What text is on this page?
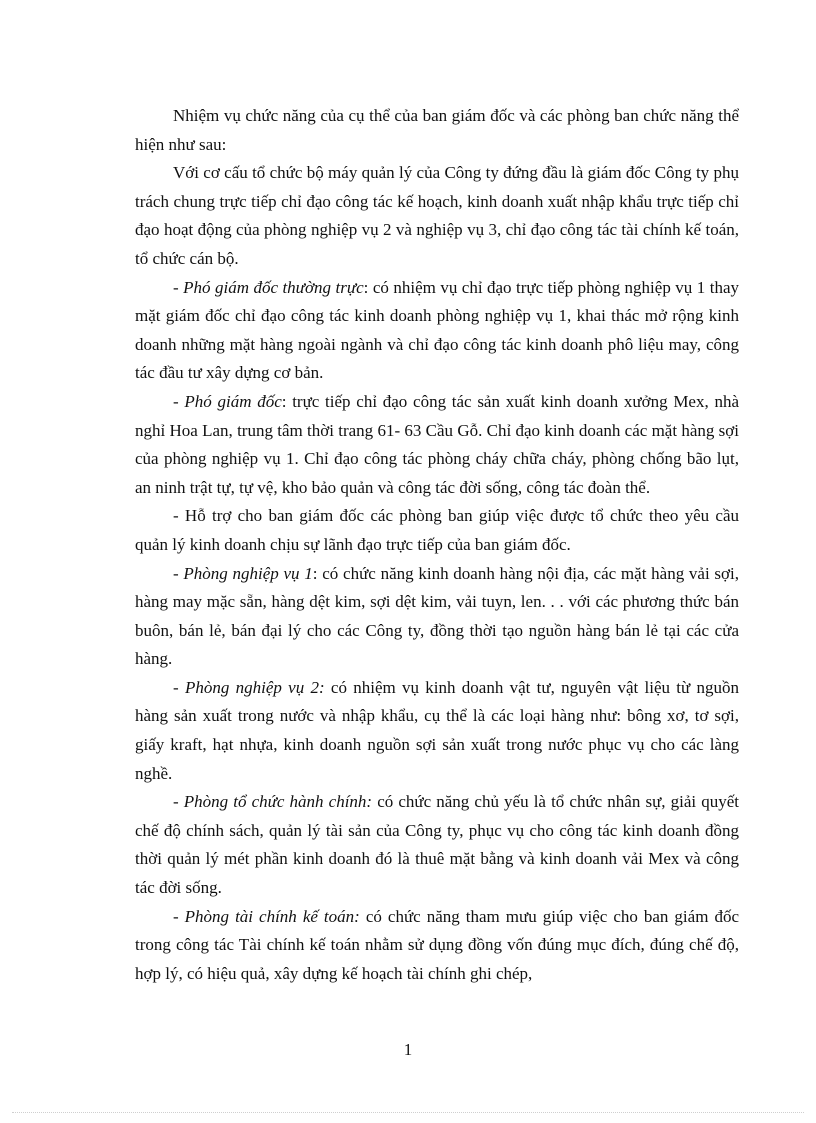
Nhiệm vụ chức năng của cụ thể của ban giám đốc và các phòng ban chức năng thể hiện như sau:

Với cơ cấu tổ chức bộ máy quản lý của Công ty đứng đầu là giám đốc Công ty phụ trách chung trực tiếp chỉ đạo công tác kế hoạch, kinh doanh xuất nhập khẩu trực tiếp chỉ đạo hoạt động của phòng nghiệp vụ 2 và nghiệp vụ 3, chỉ đạo công tác tài chính kế toán, tổ chức cán bộ.

- Phó giám đốc thường trực: có nhiệm vụ chỉ đạo trực tiếp phòng nghiệp vụ 1 thay mặt giám đốc chỉ đạo công tác kinh doanh phòng nghiệp vụ 1, khai thác mở rộng kinh doanh những mặt hàng ngoài ngành và chỉ đạo công tác kinh doanh phô liệu may, công tác đầu tư xây dựng cơ bản.

- Phó giám đốc: trực tiếp chỉ đạo công tác sản xuất kinh doanh xưởng Mex, nhà nghỉ Hoa Lan, trung tâm thời trang 61- 63 Cầu Gỗ. Chỉ đạo kinh doanh các mặt hàng sợi của phòng nghiệp vụ 1. Chỉ đạo công tác phòng cháy chữa cháy, phòng chống bão lụt, an ninh trật tự, tự vệ, kho bảo quản và công tác đời sống, công tác đoàn thể.

- Hỗ trợ cho ban giám đốc các phòng ban giúp việc được tổ chức theo yêu cầu quản lý kinh doanh chịu sự lãnh đạo trực tiếp của ban giám đốc.

- Phòng nghiệp vụ 1: có chức năng kinh doanh hàng nội địa, các mặt hàng vải sợi, hàng may mặc sẵn, hàng dệt kim, sợi dệt kim, vải tuyn, len. . . với các phương thức bán buôn, bán lẻ, bán đại lý cho các Công ty, đồng thời tạo nguồn hàng bán lẻ tại các cửa hàng.

- Phòng nghiệp vụ 2: có nhiệm vụ kinh doanh vật tư, nguyên vật liệu từ nguồn hàng sản xuất trong nước và nhập khẩu, cụ thể là các loại hàng như: bông xơ, tơ sợi, giấy kraft, hạt nhựa, kinh doanh nguồn sợi sản xuất trong nước phục vụ cho các làng nghề.

- Phòng tổ chức hành chính: có chức năng chủ yếu là tổ chức nhân sự, giải quyết chế độ chính sách, quản lý tài sản của Công ty, phục vụ cho công tác kinh doanh đồng thời quản lý mét phần kinh doanh đó là thuê mặt bằng và kinh doanh vải Mex và công tác đời sống.

- Phòng tài chính kế toán: có chức năng tham mưu giúp việc cho ban giám đốc trong công tác Tài chính kế toán nhằm sử dụng đồng vốn đúng mục đích, đúng chế độ, hợp lý, có hiệu quả, xây dựng kế hoạch tài chính ghi chép,

1
